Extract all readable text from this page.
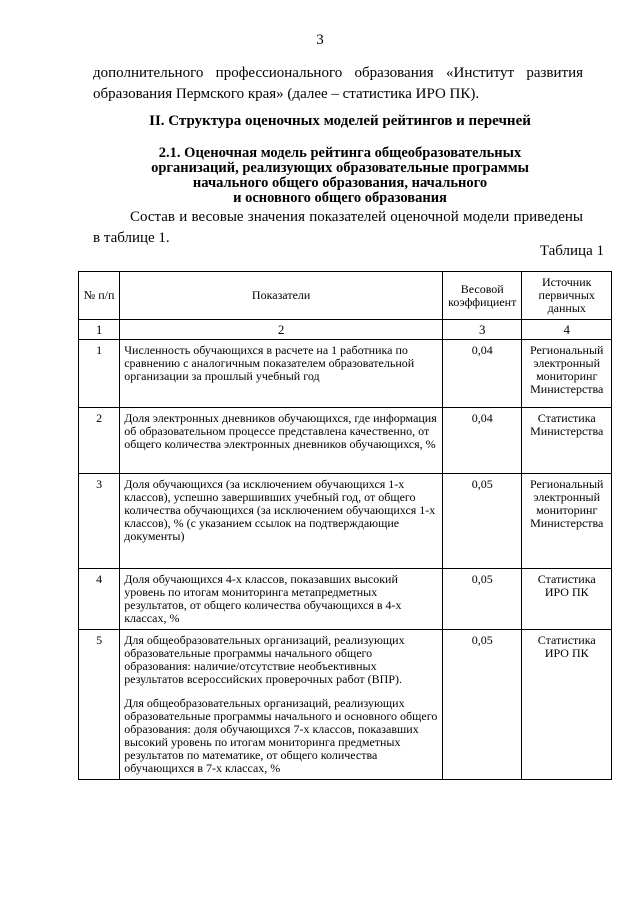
3
дополнительного профессионального образования «Институт развития образования Пермского края» (далее – статистика ИРО ПК).
II. Структура оценочных моделей рейтингов и перечней
2.1. Оценочная модель рейтинга общеобразовательных
организаций, реализующих образовательные программы
начального общего образования, начального
и основного общего образования
Состав и весовые значения показателей оценочной модели приведены в таблице 1.
Таблица 1
№ п/п	Показатели	Весовой коэффициент	Источник первичных данных
1	2	3	4
1	Численность обучающихся в расчете на 1 работника по сравнению с аналогичным показателем образовательной организации за прошлый учебный год	0,04	Региональный электронный мониторинг Министерства
2	Доля электронных дневников обучающихся, где информация об образовательном процессе представлена качественно, от общего количества электронных дневников обучающихся, %	0,04	Статистика Министерства
3	Доля обучающихся (за исключением обучающихся 1-х классов), успешно завершивших учебный год, от общего количества обучающихся (за исключением обучающихся 1-х классов), % (с указанием ссылок на подтверждающие документы)	0,05	Региональный электронный мониторинг Министерства
4	Доля обучающихся 4-х классов, показавших высокий уровень по итогам мониторинга метапредметных результатов, от общего количества обучающихся в 4-х классах, %	0,05	Статистика ИРО ПК
5	Для общеобразовательных организаций, реализующих образовательные программы начального общего образования: наличие/отсутствие необъективных результатов всероссийских проверочных работ (ВПР).
Для общеобразовательных организаций, реализующих образовательные программы начального и основного общего образования: доля обучающихся 7-х классов, показавших высокий уровень по итогам мониторинга предметных результатов по математике, от общего количества обучающихся в 7-х классах, %	0,05	Статистика ИРО ПК
